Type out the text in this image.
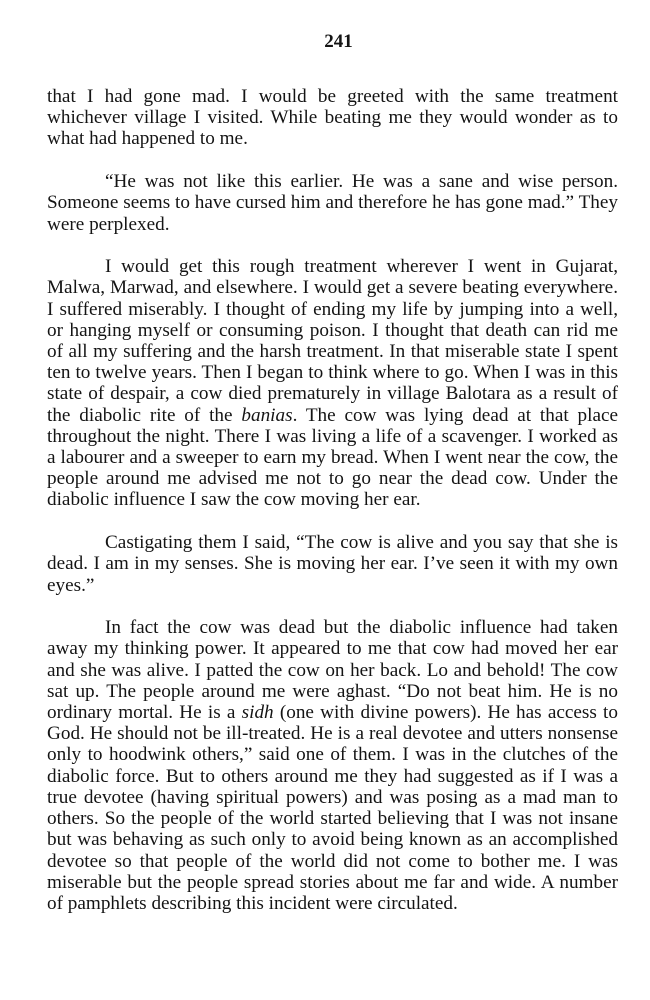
241
that I had gone mad. I would be greeted with the same treatment whichever village I visited. While beating me they would wonder as to what had happened to me.
“He was not like this earlier. He was a sane and wise person. Someone seems to have cursed him and therefore he has gone mad.” They were perplexed.
I would get this rough treatment wherever I went in Gujarat, Malwa, Marwad, and elsewhere. I would get a severe beating everywhere. I suffered miserably. I thought of ending my life by jumping into a well, or hanging myself or consuming poison. I thought that death can rid me of all my suffering and the harsh treatment. In that miserable state I spent ten to twelve years. Then I began to think where to go. When I was in this state of despair, a cow died prematurely in village Balotara as a result of the diabolic rite of the banias. The cow was lying dead at that place throughout the night. There I was living a life of a scavenger. I worked as a labourer and a sweeper to earn my bread. When I went near the cow, the people around me advised me not to go near the dead cow. Under the diabolic influence I saw the cow moving her ear.
Castigating them I said, “The cow is alive and you say that she is dead. I am in my senses. She is moving her ear. I’ve seen it with my own eyes.”
In fact the cow was dead but the diabolic influence had taken away my thinking power. It appeared to me that cow had moved her ear and she was alive. I patted the cow on her back. Lo and behold! The cow sat up. The people around me were aghast. “Do not beat him. He is no ordinary mortal. He is a sidh (one with divine powers). He has access to God. He should not be ill-treated. He is a real devotee and utters nonsense only to hoodwink others,” said one of them. I was in the clutches of the diabolic force. But to others around me they had suggested as if I was a true devotee (having spiritual powers) and was posing as a mad man to others. So the people of the world started believing that I was not insane but was behaving as such only to avoid being known as an accomplished devotee so that people of the world did not come to bother me. I was miserable but the people spread stories about me far and wide. A number of pamphlets describing this incident were circulated.
